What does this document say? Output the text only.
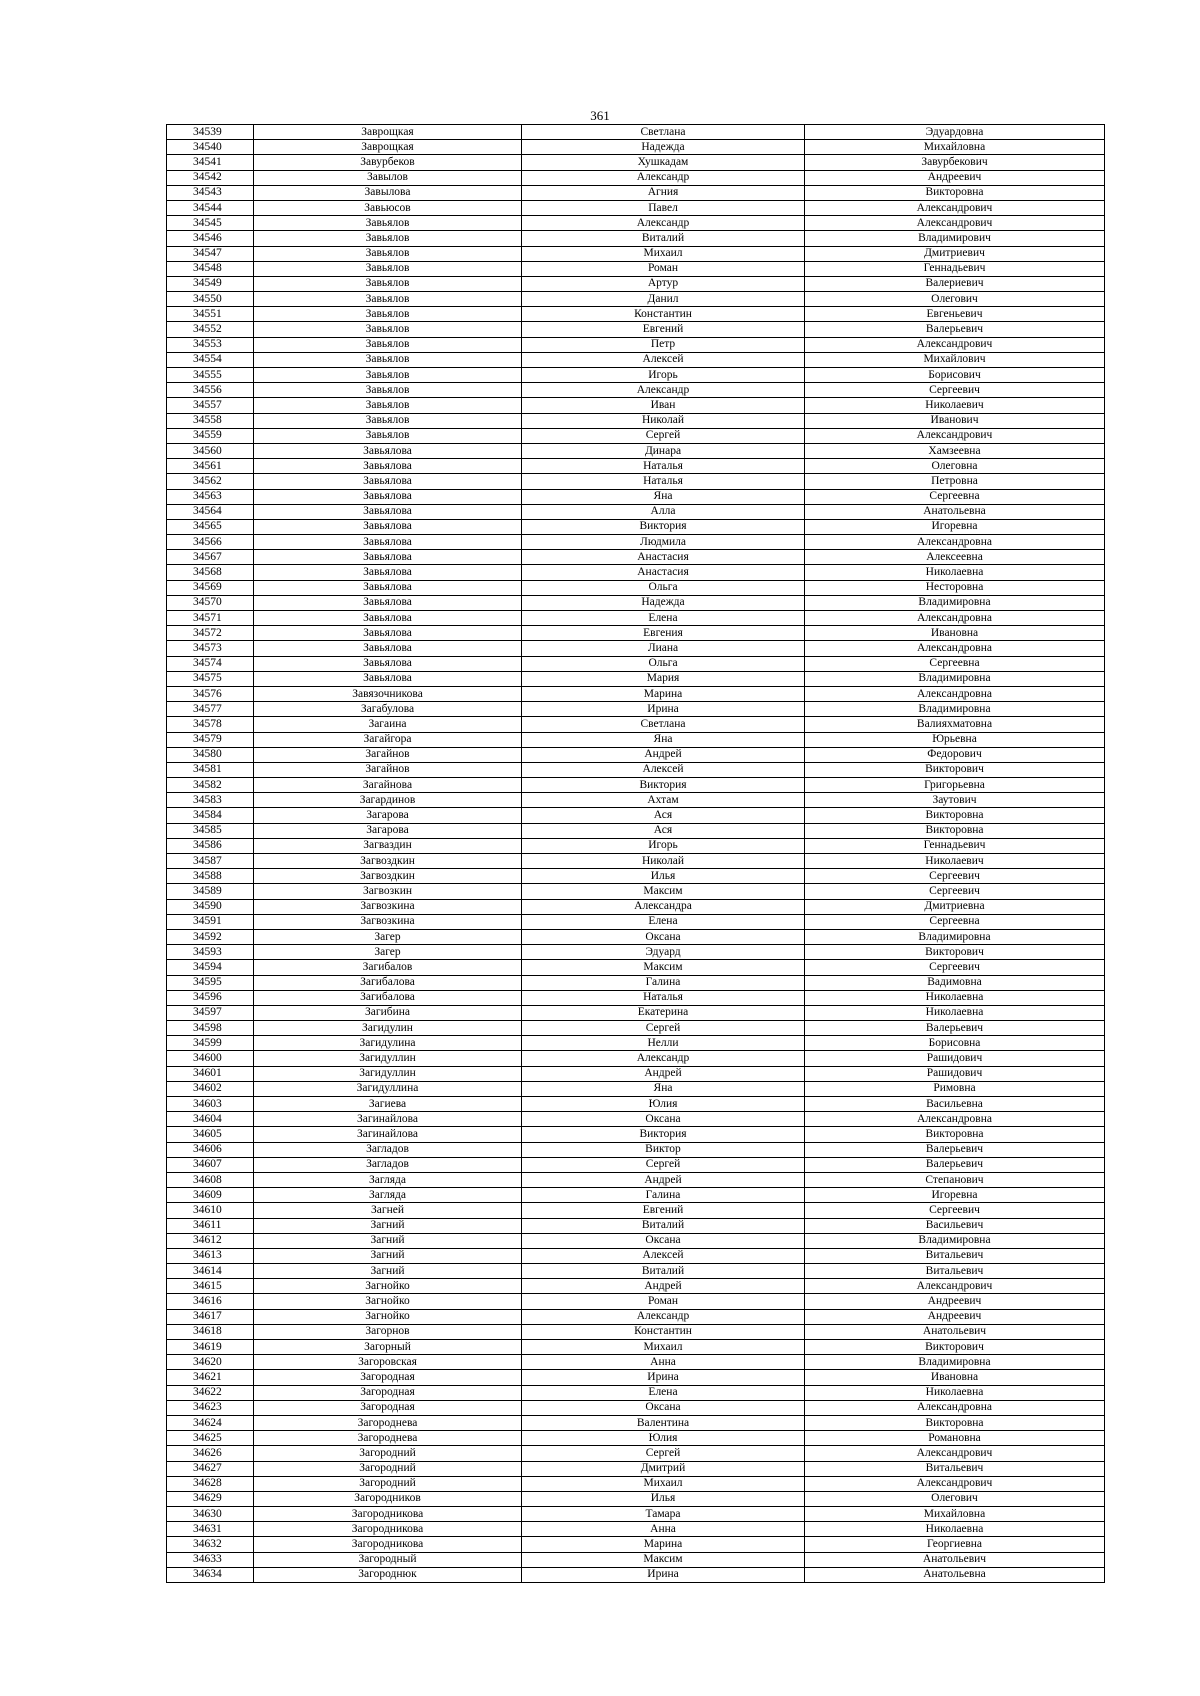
361
34539	Заврощкая	Светлана	Эдуардовна
34540	Заврощкая	Надежда	Михайловна
34541	Завурбеков	Хушкадам	Завурбекович
34542	Завылов	Александр	Андреевич
34543	Завылова	Агния	Викторовна
34544	Завьюсов	Павел	Александрович
34545	Завьялов	Александр	Александрович
34546	Завьялов	Виталий	Владимирович
34547	Завьялов	Михаил	Дмитриевич
34548	Завьялов	Роман	Геннадьевич
34549	Завьялов	Артур	Валериевич
34550	Завьялов	Данил	Олегович
34551	Завьялов	Константин	Евгеньевич
34552	Завьялов	Евгений	Валерьевич
34553	Завьялов	Петр	Александрович
34554	Завьялов	Алексей	Михайлович
34555	Завьялов	Игорь	Борисович
34556	Завьялов	Александр	Сергеевич
34557	Завьялов	Иван	Николаевич
34558	Завьялов	Николай	Иванович
34559	Завьялов	Сергей	Александрович
34560	Завьялова	Динара	Хамзеевна
34561	Завьялова	Наталья	Олеговна
34562	Завьялова	Наталья	Петровна
34563	Завьялова	Яна	Сергеевна
34564	Завьялова	Алла	Анатольевна
34565	Завьялова	Виктория	Игоревна
34566	Завьялова	Людмила	Александровна
34567	Завьялова	Анастасия	Алексеевна
34568	Завьялова	Анастасия	Николаевна
34569	Завьялова	Ольга	Несторовна
34570	Завьялова	Надежда	Владимировна
34571	Завьялова	Елена	Александровна
34572	Завьялова	Евгения	Ивановна
34573	Завьялова	Лиана	Александровна
34574	Завьялова	Ольга	Сергеевна
34575	Завьялова	Мария	Владимировна
34576	Завязочникова	Марина	Александровна
34577	Загабулова	Ирина	Владимировна
34578	Загаина	Светлана	Валияхматовна
34579	Загайгора	Яна	Юрьевна
34580	Загайнов	Андрей	Федорович
34581	Загайнов	Алексей	Викторович
34582	Загайнова	Виктория	Григорьевна
34583	Загардинов	Ахтам	Заутович
34584	Загарова	Ася	Викторовна
34585	Загарова	Ася	Викторовна
34586	Загваздин	Игорь	Геннадьевич
34587	Загвоздкин	Николай	Николаевич
34588	Загвоздкин	Илья	Сергеевич
34589	Загвозкин	Максим	Сергеевич
34590	Загвозкина	Александра	Дмитриевна
34591	Загвозкина	Елена	Сергеевна
34592	Загер	Оксана	Владимировна
34593	Загер	Эдуард	Викторович
34594	Загибалов	Максим	Сергеевич
34595	Загибалова	Галина	Вадимовна
34596	Загибалова	Наталья	Николаевна
34597	Загибина	Екатерина	Николаевна
34598	Загидулин	Сергей	Валерьевич
34599	Загидулина	Нелли	Борисовна
34600	Загидуллин	Александр	Рашидович
34601	Загидуллин	Андрей	Рашидович
34602	Загидуллина	Яна	Римовна
34603	Загиева	Юлия	Васильевна
34604	Загинайлова	Оксана	Александровна
34605	Загинайлова	Виктория	Викторовна
34606	Загладов	Виктор	Валерьевич
34607	Загладов	Сергей	Валерьевич
34608	Загляда	Андрей	Степанович
34609	Загляда	Галина	Игоревна
34610	Загней	Евгений	Сергеевич
34611	Загний	Виталий	Васильевич
34612	Загний	Оксана	Владимировна
34613	Загний	Алексей	Витальевич
34614	Загний	Виталий	Витальевич
34615	Загнойко	Андрей	Александрович
34616	Загнойко	Роман	Андреевич
34617	Загнойко	Александр	Андреевич
34618	Загорнов	Константин	Анатольевич
34619	Загорный	Михаил	Викторович
34620	Загоровская	Анна	Владимировна
34621	Загородная	Ирина	Ивановна
34622	Загородная	Елена	Николаевна
34623	Загородная	Оксана	Александровна
34624	Загороднева	Валентина	Викторовна
34625	Загороднева	Юлия	Романовна
34626	Загородний	Сергей	Александрович
34627	Загородний	Дмитрий	Витальевич
34628	Загородний	Михаил	Александрович
34629	Загородников	Илья	Олегович
34630	Загородникова	Тамара	Михайловна
34631	Загородникова	Анна	Николаевна
34632	Загородникова	Марина	Георгиевна
34633	Загородный	Максим	Анатольевич
34634	Загороднюк	Ирина	Анатольевна
